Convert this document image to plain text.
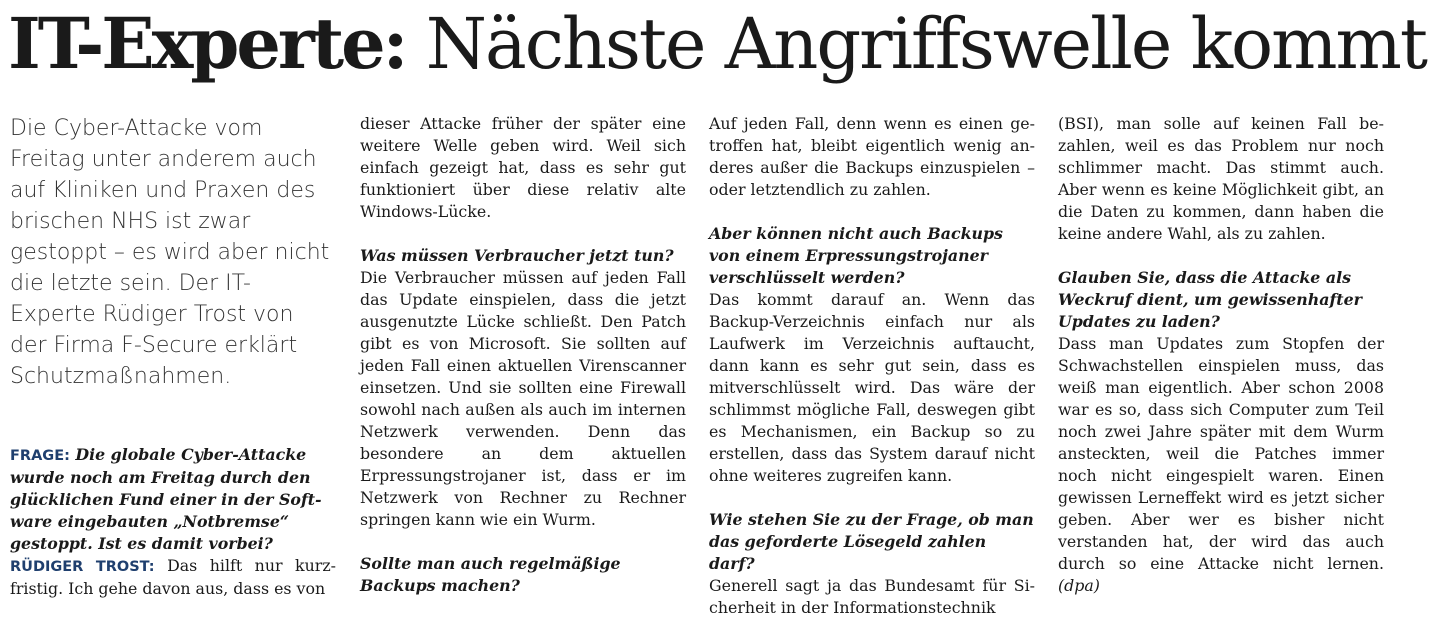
IT-Experte: Nächste Angriffswelle kommt
Die Cyber-Attacke vom Freitag unter anderem auch auf Kliniken und Praxen des brischen NHS ist zwar gestoppt – es wird aber nicht die letzte sein. Der IT-Experte Rüdiger Trost von der Firma F-Secure erklärt Schutzmaßnahmen.

FRAGE: Die globale Cyber-Attacke wurde noch am Freitag durch den glücklichen Fund einer in der Software eingebauten „Notbremse“ gestoppt. Ist es damit vorbei?

RÜDIGER TROST: Das hilft nur kurzfristig. Ich gehe davon aus, dass es von

dieser Attacke früher der später eine weitere Welle geben wird. Weil sich einfach gezeigt hat, dass es sehr gut funktioniert über diese relativ alte Windows-Lücke.

Was müssen Verbraucher jetzt tun?

Die Verbraucher müssen auf jeden Fall das Update einspielen, dass die jetzt ausgenutzte Lücke schließt. Den Patch gibt es von Microsoft. Sie sollten auf jeden Fall einen aktuellen Virenscanner einsetzen. Und sie sollten eine Firewall sowohl nach außen als auch im internen Netzwerk verwenden. Denn das besondere an dem aktuellen Erpressungstrojaner ist, dass er im Netzwerk von Rechner zu Rechner springen kann wie ein Wurm.

Sollte man auch regelmäßige Backups machen?

Auf jeden Fall, denn wenn es einen getroffen hat, bleibt eigentlich wenig anderes außer die Backups einzuspielen – oder letztendlich zu zahlen.

Aber können nicht auch Backups von einem Erpressungstrojaner verschlüsselt werden?

Das kommt darauf an. Wenn das Backup-Verzeichnis einfach nur als Laufwerk im Verzeichnis auftaucht, dann kann es sehr gut sein, dass es mitverschlüsselt wird. Das wäre der schlimmst mögliche Fall, deswegen gibt es Mechanismen, ein Backup so zu erstellen, dass das System darauf nicht ohne weiteres zugreifen kann.

Wie stehen Sie zu der Frage, ob man das geforderte Lösegeld zahlen darf?

Generell sagt ja das Bundesamt für Sicherheit in der Informationstechnik

(BSI), man solle auf keinen Fall bezahlen, weil es das Problem nur noch schlimmer macht. Das stimmt auch. Aber wenn es keine Möglichkeit gibt, an die Daten zu kommen, dann haben die keine andere Wahl, als zu zahlen.

Glauben Sie, dass die Attacke als Weckruf dient, um gewissenhafter Updates zu laden?

Dass man Updates zum Stopfen der Schwachstellen einspielen muss, das weiß man eigentlich. Aber schon 2008 war es so, dass sich Computer zum Teil noch zwei Jahre später mit dem Wurm ansteckten, weil die Patches immer noch nicht eingespielt waren. Einen gewissen Lerneffekt wird es jetzt sicher geben. Aber wer es bisher nicht verstanden hat, der wird das auch durch so eine Attacke nicht lernen. (dpa)
